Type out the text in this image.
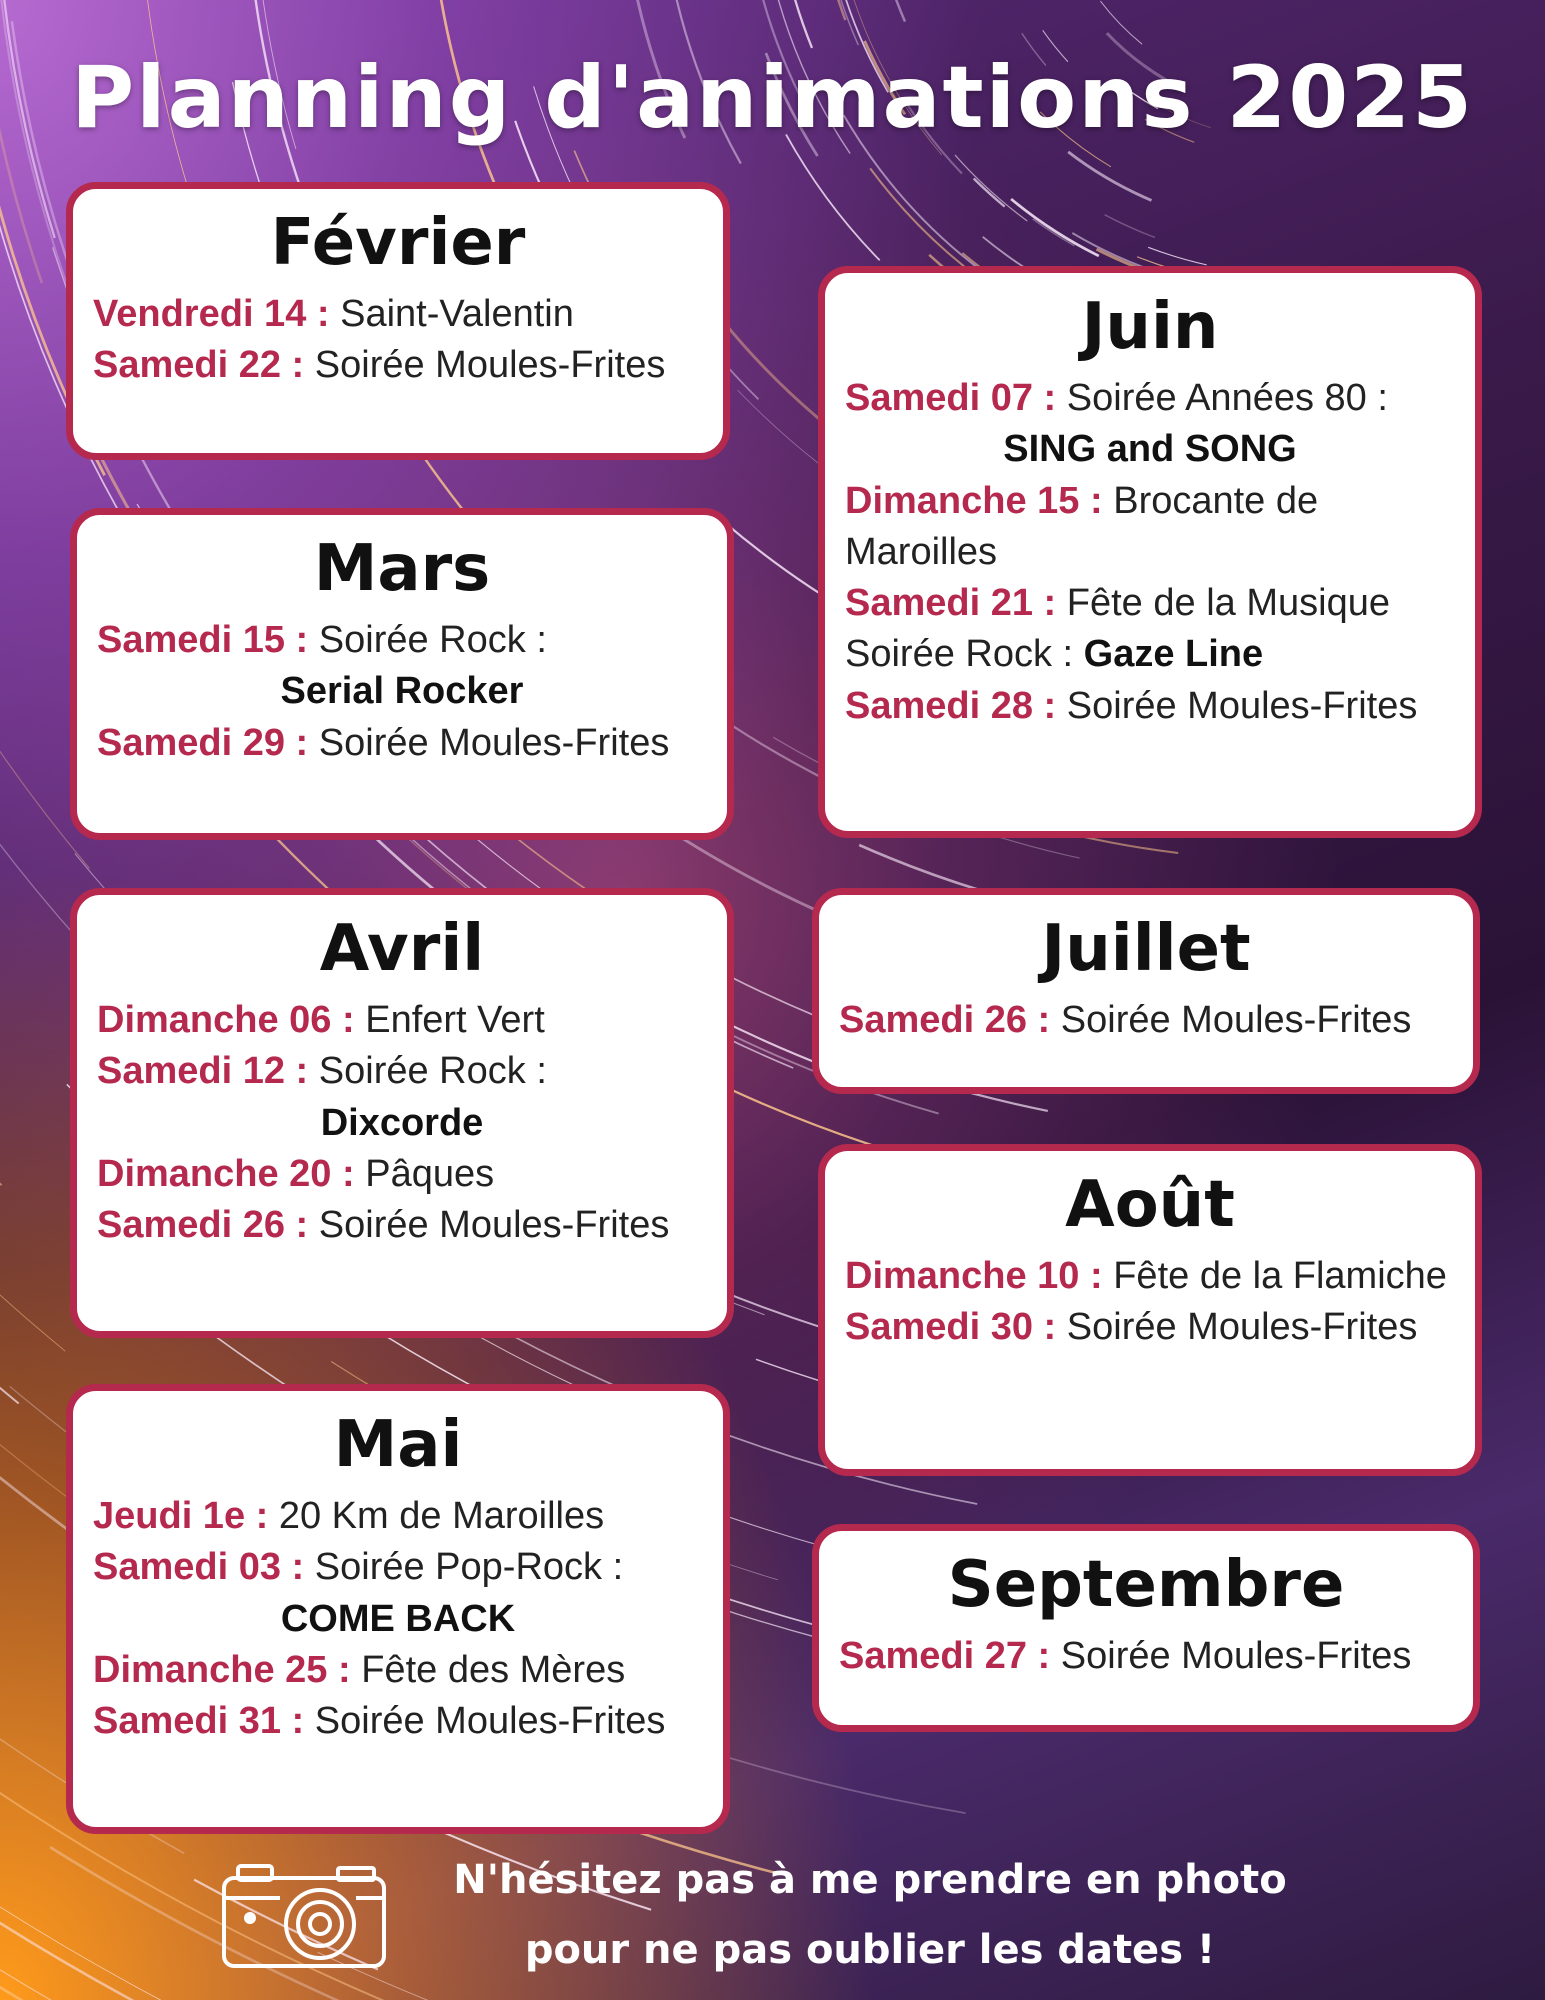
Planning d'animations 2025
Février
Vendredi 14 : Saint-Valentin
Samedi 22 : Soirée Moules-Frites
Mars
Samedi 15 : Soirée Rock :
Serial Rocker
Samedi 29 : Soirée Moules-Frites
Avril
Dimanche 06 : Enfert Vert
Samedi 12 : Soirée Rock :
Dixcorde
Dimanche 20 : Pâques
Samedi 26 : Soirée Moules-Frites
Mai
Jeudi 1e : 20 Km de Maroilles
Samedi 03 : Soirée Pop-Rock :
COME BACK
Dimanche 25 : Fête des Mères
Samedi 31 : Soirée Moules-Frites
Juin
Samedi 07 : Soirée Années 80 :
SING and SONG
Dimanche 15 : Brocante de Maroilles
Samedi 21 : Fête de la Musique
Soirée Rock : Gaze Line
Samedi 28 : Soirée Moules-Frites
Juillet
Samedi 26 : Soirée Moules-Frites
Août
Dimanche 10 : Fête de la Flamiche
Samedi 30 : Soirée Moules-Frites
Septembre
Samedi 27 : Soirée Moules-Frites
N'hésitez pas à me prendre en photo
pour ne pas oublier les dates !
